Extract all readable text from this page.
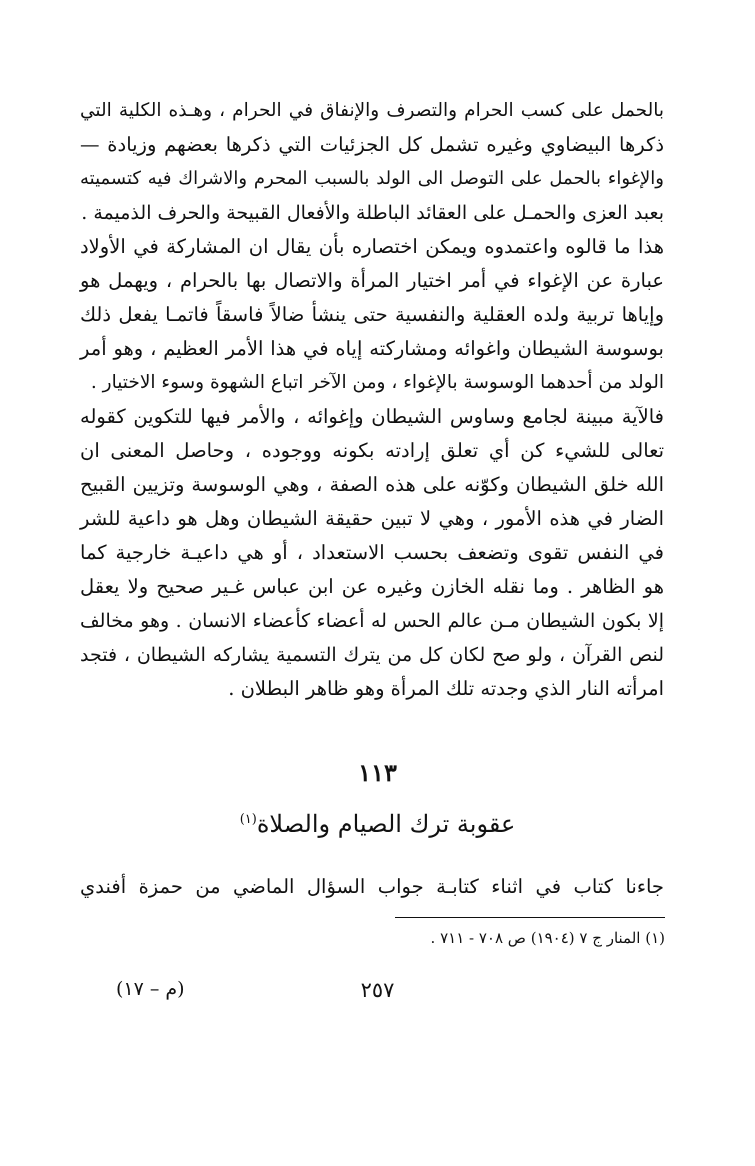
بالحمل على كسب الحرام والتصرف والإنفاق في الحرام ، وهـذه الكلية التي
ذكرها البيضاوي وغيره تشمل كل الجزئيات التي ذكرها بعضهم وزيادة —
والإغواء بالحمل على التوصل الى الولد بالسبب المحرم والاشراك فيه كتسميته
بعبد العزى والحمـل على العقائد الباطلة والأفعال القبيحة والحرف الذميمة .
هذا ما قالوه واعتمدوه ويمكن اختصاره بأن يقال ان المشاركة في الأولاد
عبارة عن الإغواء في أمر اختيار المرأة والاتصال بها بالحرام ، ويهمل هو
وإياها تربية ولده العقلية والنفسية حتى ينشأ ضالاً فاسقاً فاتمـا يفعل ذلك
بوسوسة الشيطان واغوائه ومشاركته إياه في هذا الأمر العظيم ، وهو أمر
الولد من أحدهما الوسوسة بالإغواء ، ومن الآخر اتباع الشهوة وسوء الاختيار .
فالآية مبينة لجامع وساوس الشيطان وإغوائه ، والأمر فيها للتكوين كقوله
تعالى للشيء كن أي تعلق إرادته بكونه ووجوده ، وحاصل المعنى ان
الله خلق الشيطان وكوّنه على هذه الصفة ، وهي الوسوسة وتزيين القبيح
الضار في هذه الأمور ، وهي لا تبين حقيقة الشيطان وهل هو داعية للشر
في النفس تقوى وتضعف بحسب الاستعداد ، أو هي داعيـة خارجية كما
هو الظاهر . وما نقله الخازن وغيره عن ابن عباس غـير صحيح ولا يعقل
إلا بكون الشيطان مـن عالم الحس له أعضاء كأعضاء الانسان . وهو مخالف
لنص القرآن ، ولو صح لكان كل من يترك التسمية يشاركه الشيطان ، فتجد
امرأته النار الذي وجدته تلك المرأة وهو ظاهر البطلان .
١١٣
عقوبة ترك الصيام والصلاة$^{(١)}$
جاءنا كتاب في اثناء كتابـة جواب السؤال الماضي من حمزة أفندي
(١) المنار ج ٧ (١٩٠٤) ص ٧٠٨ - ٧١١ .
٢٥٧
(م – ١٧)
